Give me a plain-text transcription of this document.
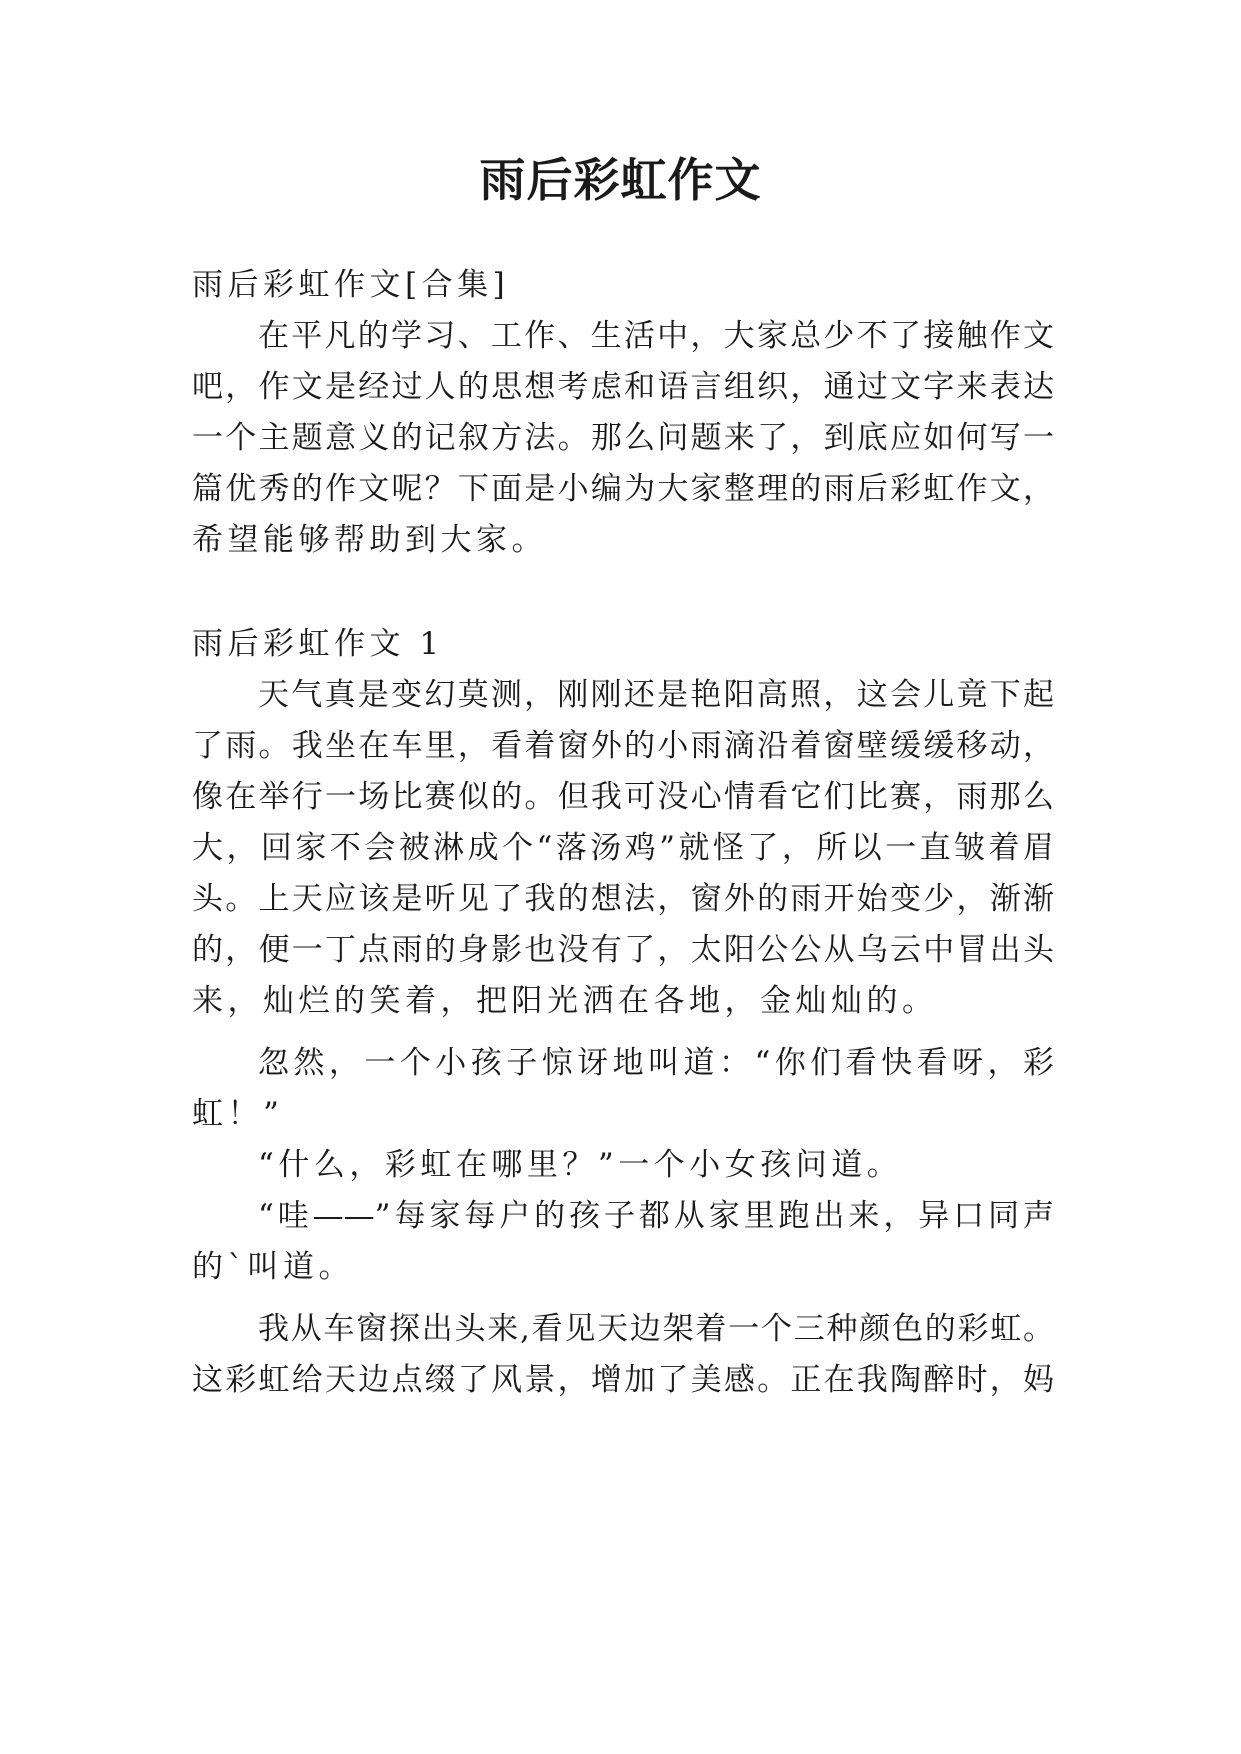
雨后彩虹作文
雨后彩虹作文[合集]
在平凡的学习、工作、生活中，大家总少不了接触作文
吧，作文是经过人的思想考虑和语言组织，通过文字来表达
一个主题意义的记叙方法。那么问题来了，到底应如何写一
篇优秀的作文呢？下面是小编为大家整理的雨后彩虹作文，
希望能够帮助到大家。
雨后彩虹作文 1
天气真是变幻莫测，刚刚还是艳阳高照，这会儿竟下起
了雨。我坐在车里，看着窗外的小雨滴沿着窗壁缓缓移动，
像在举行一场比赛似的。但我可没心情看它们比赛，雨那么
大，回家不会被淋成个“落汤鸡”就怪了，所以一直皱着眉
头。上天应该是听见了我的想法，窗外的雨开始变少，渐渐
的，便一丁点雨的身影也没有了，太阳公公从乌云中冒出头
来，灿烂的笑着，把阳光洒在各地，金灿灿的。
忽然，一个小孩子惊讶地叫道：“你们看快看呀，彩
虹！”
“什么，彩虹在哪里？”一个小女孩问道。
“哇——”每家每户的孩子都从家里跑出来，异口同声
的`叫道。
我从车窗探出头来,看见天边架着一个三种颜色的彩虹。
这彩虹给天边点缀了风景，增加了美感。正在我陶醉时，妈
